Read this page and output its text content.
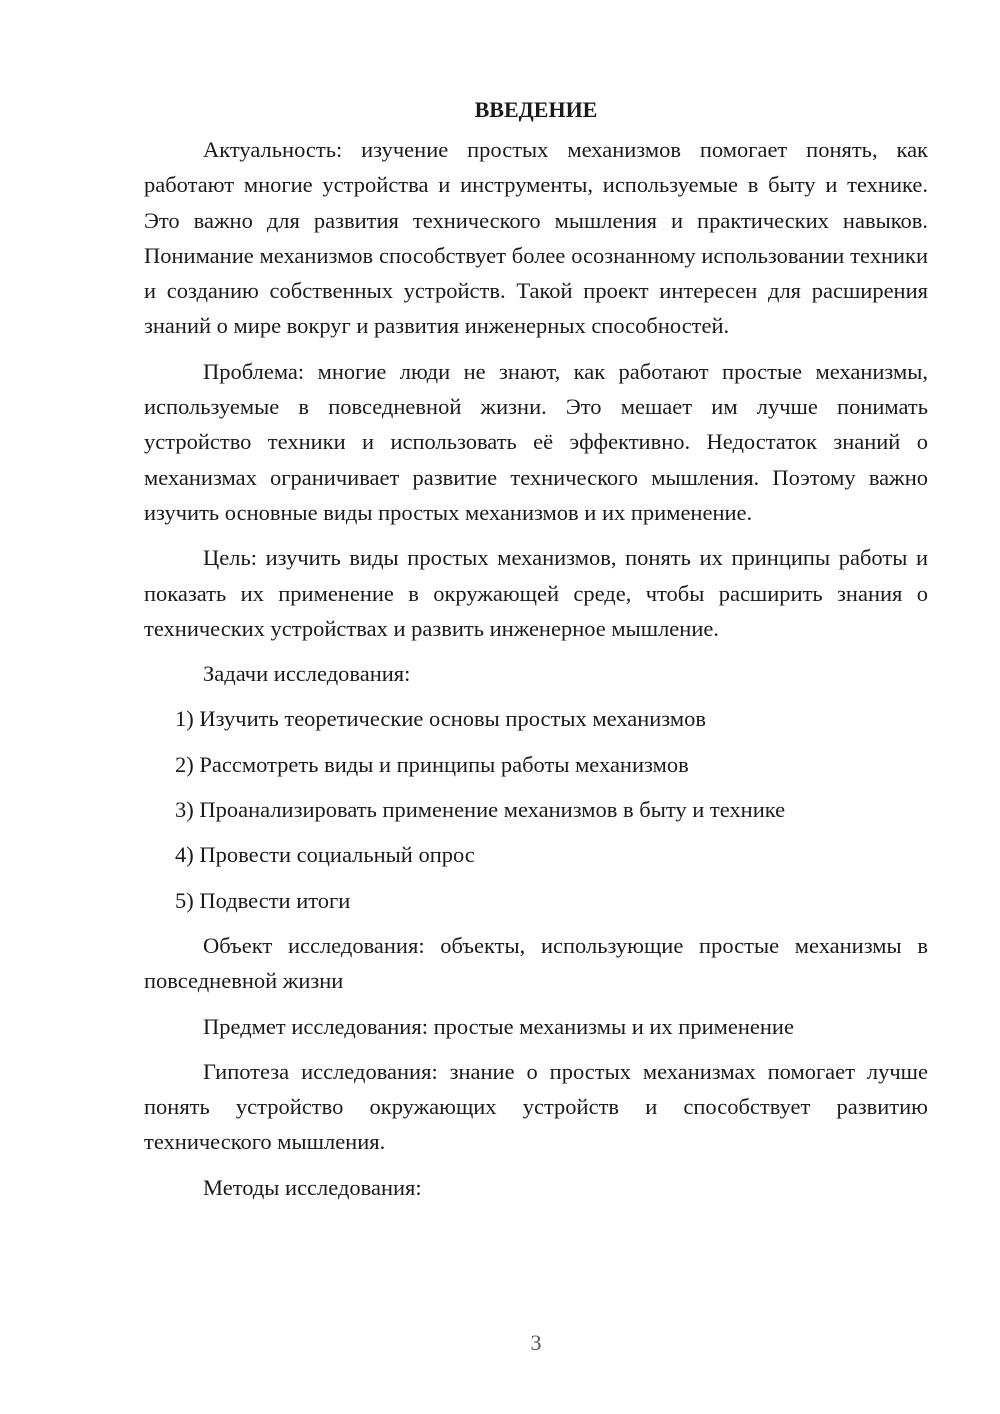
ВВЕДЕНИЕ

Актуальность: изучение простых механизмов помогает понять, как работают многие устройства и инструменты, используемые в быту и технике. Это важно для развития технического мышления и практических навыков. Понимание механизмов способствует более осознанному использовании техники и созданию собственных устройств. Такой проект интересен для расширения знаний о мире вокруг и развития инженерных способностей.

Проблема: многие люди не знают, как работают простые механизмы, используемые в повседневной жизни. Это мешает им лучше понимать устройство техники и использовать её эффективно. Недостаток знаний о механизмах ограничивает развитие технического мышления. Поэтому важно изучить основные виды простых механизмов и их применение.

Цель: изучить виды простых механизмов, понять их принципы работы и показать их применение в окружающей среде, чтобы расширить знания о технических устройствах и развить инженерное мышление.

Задачи исследования:

1) Изучить теоретические основы простых механизмов
2) Рассмотреть виды и принципы работы механизмов
3) Проанализировать применение механизмов в быту и технике
4) Провести социальный опрос
5) Подвести итоги

Объект исследования: объекты, использующие простые механизмы в повседневной жизни

Предмет исследования: простые механизмы и их применение

Гипотеза исследования: знание о простых механизмах помогает лучше понять устройство окружающих устройств и способствует развитию технического мышления.

Методы исследования:

3
